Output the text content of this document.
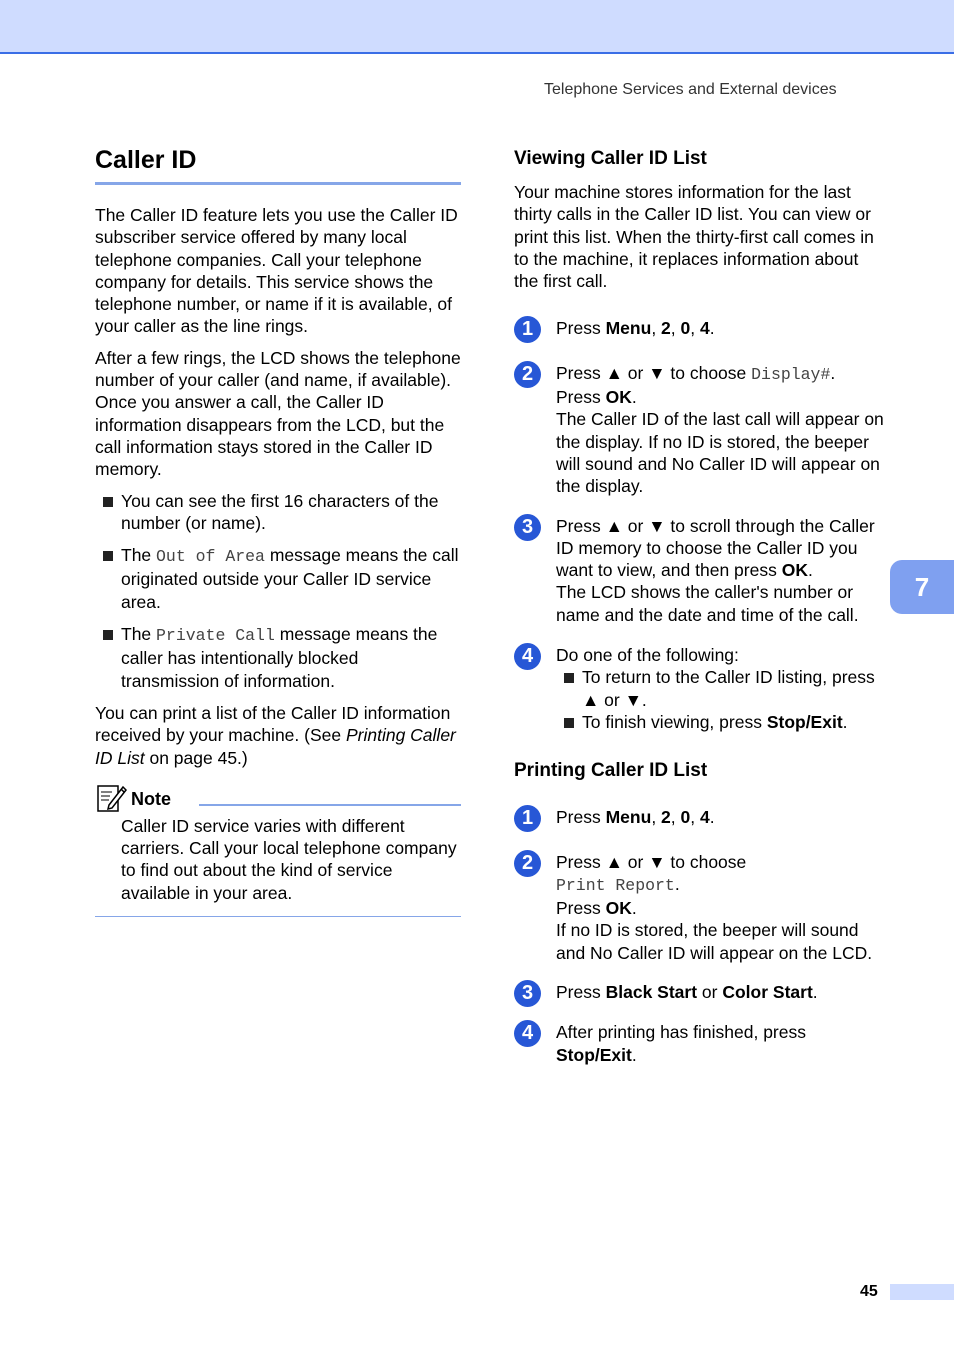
Telephone Services and External devices
Caller ID

The Caller ID feature lets you use the Caller ID subscriber service offered by many local telephone companies. Call your telephone company for details. This service shows the telephone number, or name if it is available, of your caller as the line rings.

After a few rings, the LCD shows the telephone number of your caller (and name, if available). Once you answer a call, the Caller ID information disappears from the LCD, but the call information stays stored in the Caller ID memory.

You can see the first 16 characters of the number (or name).
The Out of Area message means the call originated outside your Caller ID service area.
The Private Call message means the caller has intentionally blocked transmission of information.

You can print a list of the Caller ID information received by your machine. (See Printing Caller ID List on page 45.)

Note

Caller ID service varies with different carriers. Call your local telephone company to find out about the kind of service available in your area.

Viewing Caller ID List

Your machine stores information for the last thirty calls in the Caller ID list. You can view or print this list. When the thirty-first call comes in to the machine, it replaces information about the first call.

1	Press Menu, 2, 0, 4.
2	Press ▲ or ▼ to choose Display#.
Press OK.
The Caller ID of the last call will appear on the display. If no ID is stored, the beeper will sound and No Caller ID will appear on the display.
3	Press ▲ or ▼ to scroll through the Caller ID memory to choose the Caller ID you want to view, and then press OK.
The LCD shows the caller's number or name and the date and time of the call.
4	Do one of the following:
To return to the Caller ID listing, press ▲ or ▼.
To finish viewing, press Stop/Exit.
Printing Caller ID List
1	Press Menu, 2, 0, 4.
2	Press ▲ or ▼ to choose
Print Report.
Press OK.
If no ID is stored, the beeper will sound and No Caller ID will appear on the LCD.
3	Press Black Start or Color Start.
4	After printing has finished, press
Stop/Exit.
7
45
